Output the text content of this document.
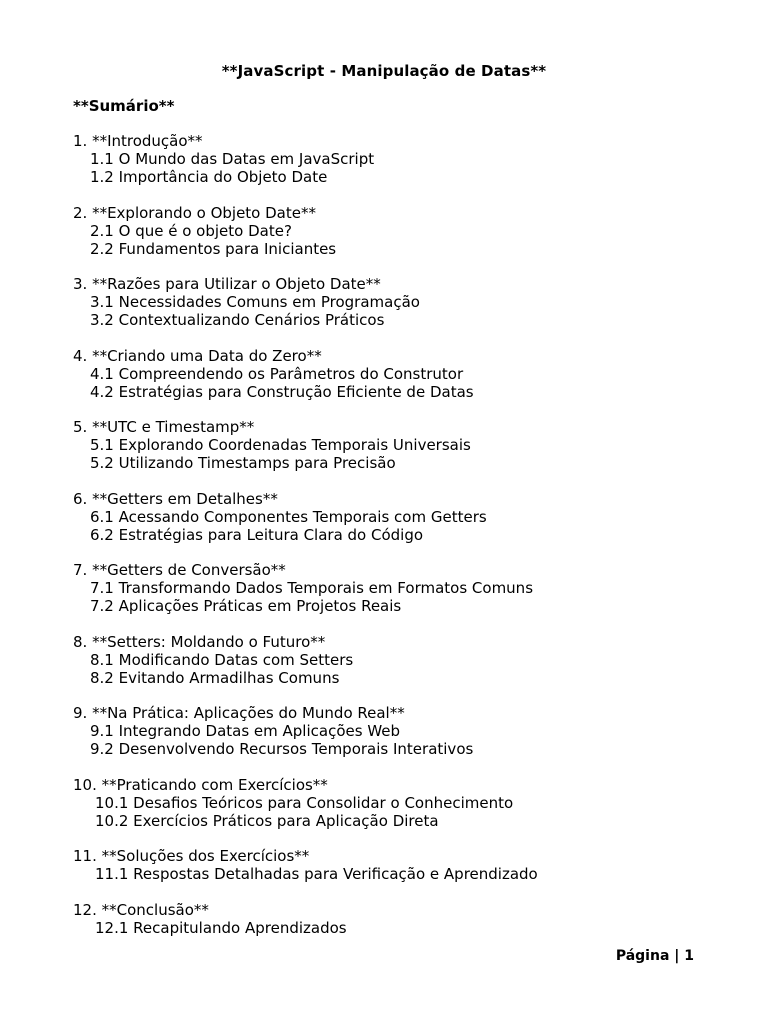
**JavaScript - Manipulação de Datas**
**Sumário**
1. **Introdução**
1.1 O Mundo das Datas em JavaScript
1.2 Importância do Objeto Date
2. **Explorando o Objeto Date**
2.1 O que é o objeto Date?
2.2 Fundamentos para Iniciantes
3. **Razões para Utilizar o Objeto Date**
3.1 Necessidades Comuns em Programação
3.2 Contextualizando Cenários Práticos
4. **Criando uma Data do Zero**
4.1 Compreendendo os Parâmetros do Construtor
4.2 Estratégias para Construção Eficiente de Datas
5. **UTC e Timestamp**
5.1 Explorando Coordenadas Temporais Universais
5.2 Utilizando Timestamps para Precisão
6. **Getters em Detalhes**
6.1 Acessando Componentes Temporais com Getters
6.2 Estratégias para Leitura Clara do Código
7. **Getters de Conversão**
7.1 Transformando Dados Temporais em Formatos Comuns
7.2 Aplicações Práticas em Projetos Reais
8. **Setters: Moldando o Futuro**
8.1 Modificando Datas com Setters
8.2 Evitando Armadilhas Comuns
9. **Na Prática: Aplicações do Mundo Real**
9.1 Integrando Datas em Aplicações Web
9.2 Desenvolvendo Recursos Temporais Interativos
10. **Praticando com Exercícios**
10.1 Desafios Teóricos para Consolidar o Conhecimento
10.2 Exercícios Práticos para Aplicação Direta
11. **Soluções dos Exercícios**
11.1 Respostas Detalhadas para Verificação e Aprendizado
12. **Conclusão**
12.1 Recapitulando Aprendizados
Página | 1
